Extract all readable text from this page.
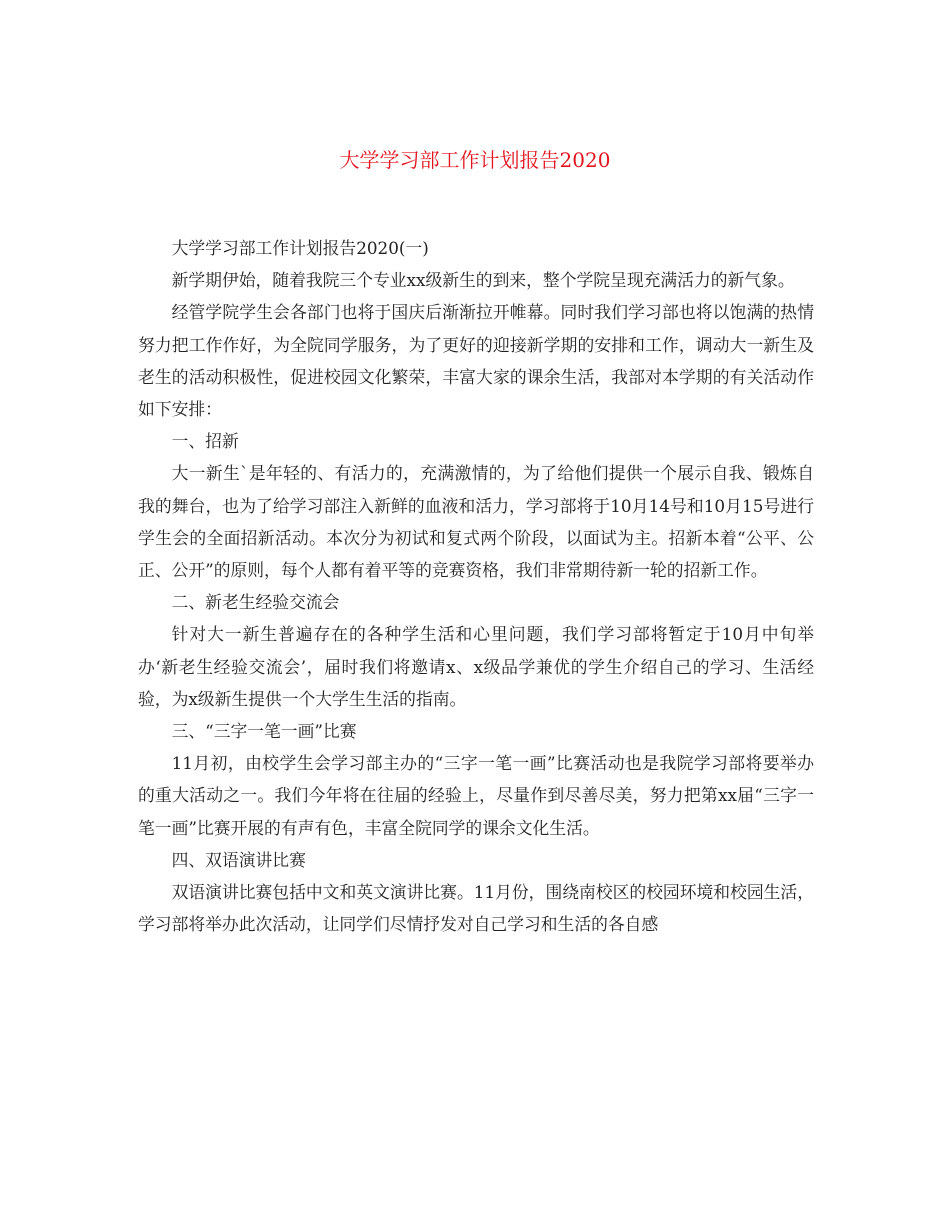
大学学习部工作计划报告2020

大学学习部工作计划报告2020(一)

新学期伊始，随着我院三个专业xx级新生的到来，整个学院呈现充满活力的新气象。

经管学院学生会各部门也将于国庆后渐渐拉开帷幕。同时我们学习部也将以饱满的热情努力把工作作好，为全院同学服务，为了更好的迎接新学期的安排和工作，调动大一新生及老生的活动积极性，促进校园文化繁荣，丰富大家的课余生活，我部对本学期的有关活动作如下安排：

一、招新

大一新生`是年轻的、有活力的，充满激情的，为了给他们提供一个展示自我、锻炼自我的舞台，也为了给学习部注入新鲜的血液和活力，学习部将于10月14号和10月15号进行学生会的全面招新活动。本次分为初试和复式两个阶段，以面试为主。招新本着“公平、公正、公开”的原则，每个人都有着平等的竞赛资格，我们非常期待新一轮的招新工作。

二、新老生经验交流会

针对大一新生普遍存在的各种学生活和心里问题，我们学习部将暂定于10月中旬举办‘新老生经验交流会’，届时我们将邀请x、x级品学兼优的学生介绍自己的学习、生活经验，为x级新生提供一个大学生生活的指南。

三、“三字一笔一画”比赛

11月初，由校学生会学习部主办的“三字一笔一画”比赛活动也是我院学习部将要举办的重大活动之一。我们今年将在往届的经验上，尽量作到尽善尽美，努力把第xx届“三字一笔一画”比赛开展的有声有色，丰富全院同学的课余文化生活。

四、双语演讲比赛

双语演讲比赛包括中文和英文演讲比赛。11月份，围绕南校区的校园环境和校园生活，学习部将举办此次活动，让同学们尽情抒发对自己学习和生活的各自感
